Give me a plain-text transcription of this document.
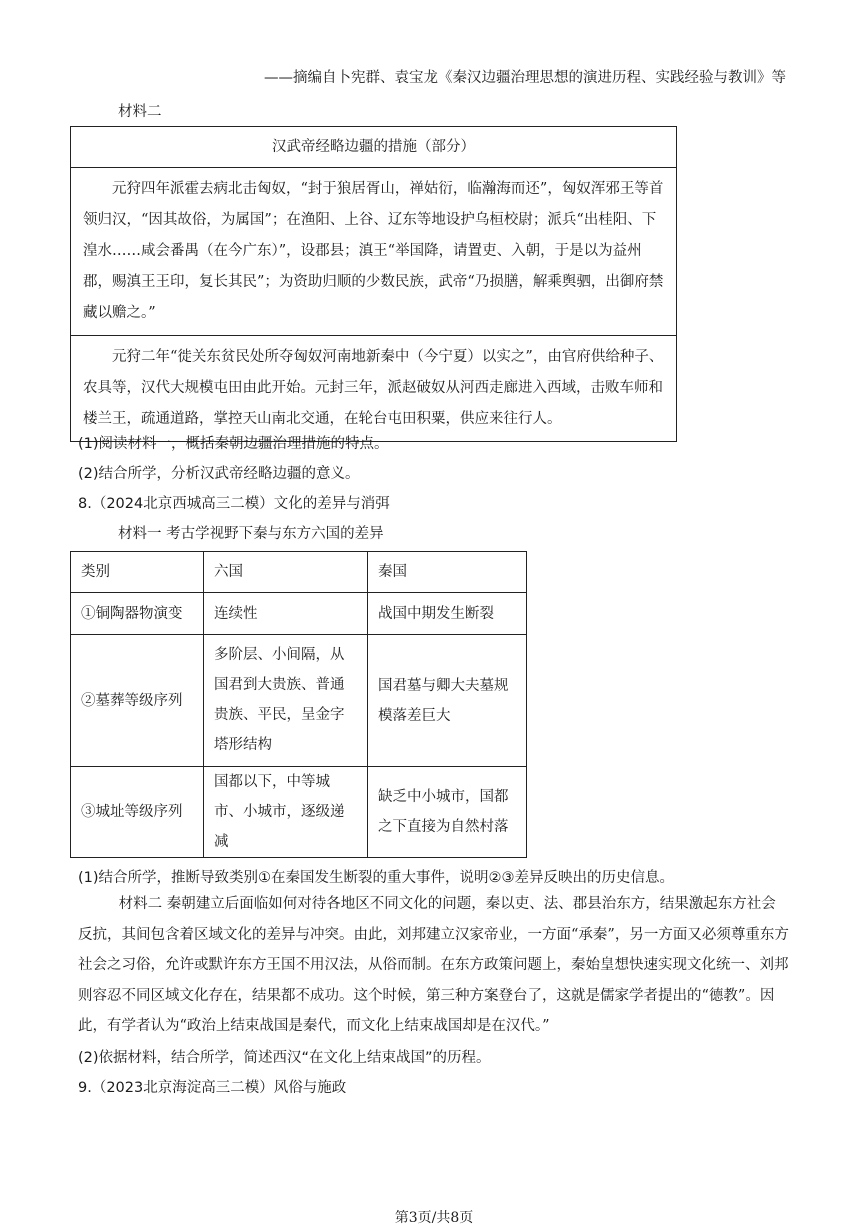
——摘编自卜宪群、袁宝龙《秦汉边疆治理思想的演进历程、实践经验与教训》等
材料二
汉武帝经略边疆的措施（部分）
元狩四年派霍去病北击匈奴，“封于狼居胥山，禅姑衍，临瀚海而还”，匈奴浑邪王等首领归汉，“因其故俗，为属国”；在渔阳、上谷、辽东等地设护乌桓校尉；派兵“出桂阳、下湟水……咸会番禺（在今广东）”，设郡县；滇王“举国降，请置吏、入朝，于是以为益州郡，赐滇王王印，复长其民”；为资助归顺的少数民族，武帝“乃损膳，解乘舆驷，出御府禁藏以赡之。”
元狩二年“徙关东贫民处所夺匈奴河南地新秦中（今宁夏）以实之”，由官府供给种子、农具等，汉代大规模屯田由此开始。元封三年，派赵破奴从河西走廊进入西域，击败车师和楼兰王，疏通道路，掌控天山南北交通，在轮台屯田积粟，供应来往行人。
(1)阅读材料一，概括秦朝边疆治理措施的特点。
(2)结合所学，分析汉武帝经略边疆的意义。
8.（2024北京西城高三二模）文化的差异与消弭
材料一 考古学视野下秦与东方六国的差异
类别	六国	秦国
①铜陶器物演变	连续性	战国中期发生断裂
②墓葬等级序列	多阶层、小间隔，从国君到大贵族、普通贵族、平民，呈金字塔形结构	国君墓与卿大夫墓规模落差巨大
③城址等级序列	国都以下，中等城市、小城市，逐级递减	缺乏中小城市，国都之下直接为自然村落
(1)结合所学，推断导致类别①在秦国发生断裂的重大事件，说明②③差异反映出的历史信息。
材料二 秦朝建立后面临如何对待各地区不同文化的问题，秦以吏、法、郡县治东方，结果激起东方社会反抗，其间包含着区域文化的差异与冲突。由此，刘邦建立汉家帝业，一方面“承秦”，另一方面又必须尊重东方社会之习俗，允许或默许东方王国不用汉法，从俗而制。在东方政策问题上，秦始皇想快速实现文化统一、刘邦则容忍不同区域文化存在，结果都不成功。这个时候，第三种方案登台了，这就是儒家学者提出的“德教”。因此，有学者认为“政治上结束战国是秦代，而文化上结束战国却是在汉代。”
(2)依据材料，结合所学，简述西汉“在文化上结束战国”的历程。
9.（2023北京海淀高三二模）风俗与施政
第3页/共8页
